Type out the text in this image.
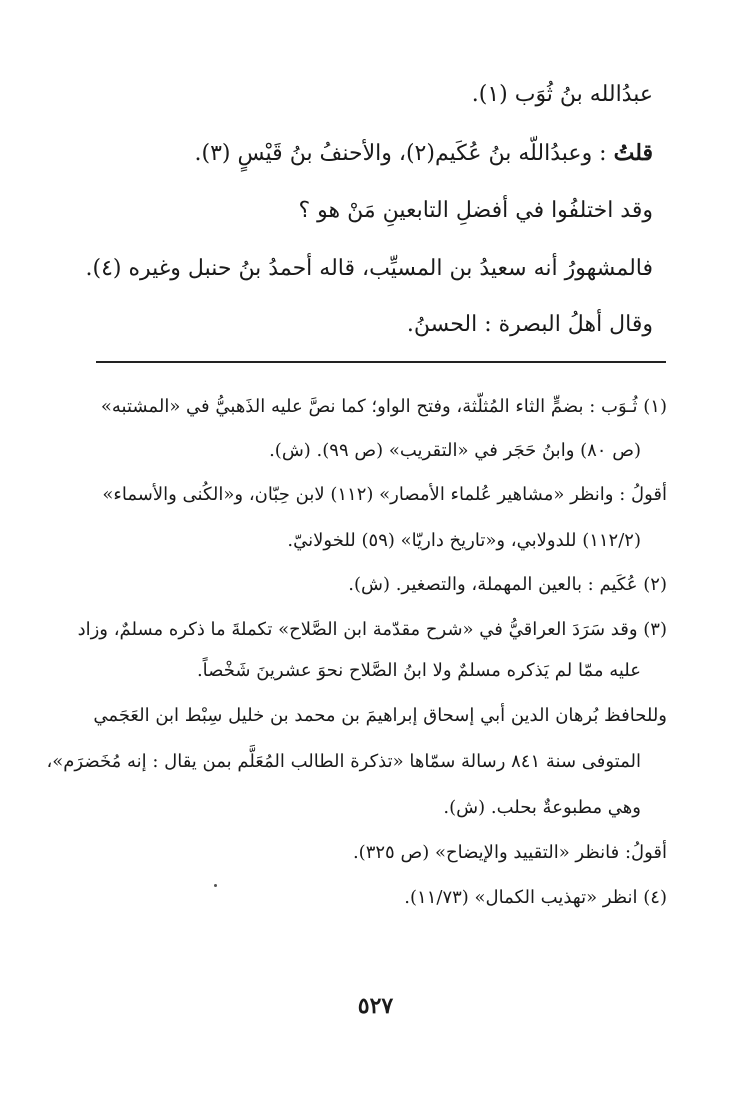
عبدُالله بنُ ثُوَب (١).
قلتُ : وعبدُاللّه بنُ عُكَيم(٢)، والأحنفُ بنُ قَيْسٍ (٣).
وقد اختلفُوا في أفضلِ التابعينِ مَنْ هو ؟
فالمشهورُ أنه سعيدُ بن المسيِّب، قاله أحمدُ بنُ حنبل وغيره (٤).
وقال أهلُ البصرة : الحسنُ.
(١) ثُـوَب : بضمٍّ الثاء المُثلّثة، وفتح الواو؛ كما نصَّ عليه الذَهبيُّ في «المشتبه»
(ص ٨٠) وابنُ حَجَر في «التقريب» (ص ٩٩). (ش).
أقولُ : وانظر «مشاهير عُلماء الأمصار» (١١٢) لابن حِبّان، و«الكُنى والأسماء»
(١١٢/٢) للدولابي، و«تاريخ داريّا» (٥٩) للخولانيّ.
(٢) عُكَيم : بالعين المهملة، والتصغير. (ش).
(٣) وقد سَرَدَ العراقيُّ في «شرح مقدّمة ابن الصَّلاح» تكملةَ ما ذكره مسلمٌ، وزاد
عليه ممّا لم يَذكره مسلمٌ ولا ابنُ الصَّلاح نحوَ عشرينَ شَخْصاً.
وللحافظ بُرهان الدين أبي إسحاق إبراهيمَ بن محمد بن خليل سِبْط ابن العَجَمي
المتوفى سنة ٨٤١ رسالة سمّاها «تذكرة الطالب المُعَلَّم بمن يقال : إنه مُخَضرَم»،
وهي مطبوعةٌ بحلب. (ش).
أقولُ: فانظر «التقييد والإيضاح» (ص ٣٢٥).
(٤) انظر «تهذيب الكمال» (١١/٧٣).
٥٢٧
